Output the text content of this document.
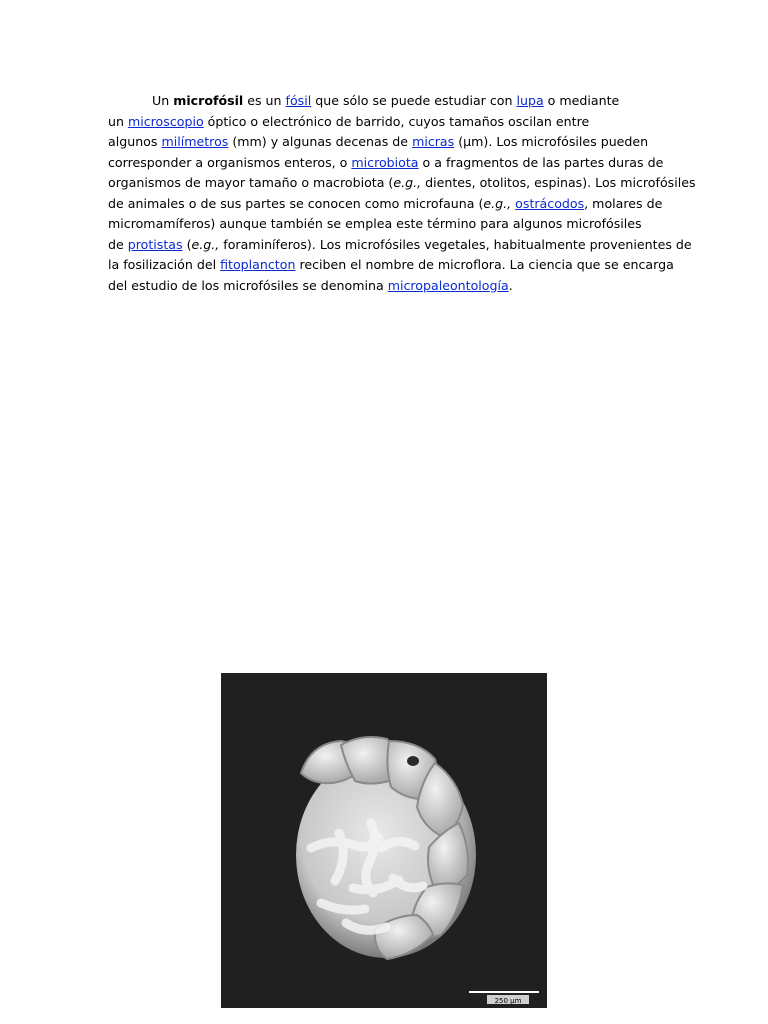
Un microfósil es un fósil que sólo se puede estudiar con lupa o mediante
un microscopio óptico o electrónico de barrido, cuyos tamaños oscilan entre
algunos milímetros (mm) y algunas decenas de micras (µm). Los microfósiles pueden
corresponder a organismos enteros, o microbiota o a fragmentos de las partes duras de
organismos de mayor tamaño o macrobiota (e.g., dientes, otolitos, espinas). Los microfósiles
de animales o de sus partes se conocen como microfauna (e.g., ostrácodos, molares de
micromamíferos) aunque también se emplea este término para algunos microfósiles
de protistas (e.g., foraminíferos). Los microfósiles vegetales, habitualmente provenientes de
la fosilización del fitoplancton reciben el nombre de microflora. La ciencia que se encarga
del estudio de los microfósiles se denomina micropaleontología.
250 µm
